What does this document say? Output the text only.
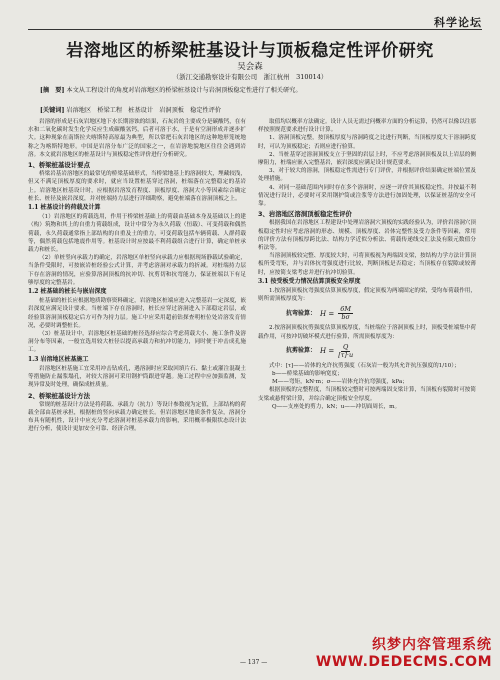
科学论坛
岩溶地区的桥梁桩基设计与顶板稳定性评价研究
吴会森
（浙江交通勘察设计有限公司　浙江杭州　310014）
[摘　要] 本文从工程设计的角度对岩溶地区的桥梁桩基设计与岩洞顶板稳定性进行了相关研究。
[关键词] 岩溶地区　桥梁工程　桩基设计　岩洞顶板　稳定性评价

岩溶的形成是石灰岩地区地下水长期溶蚀的结果，石灰岩的主要成分是碳酸钙，在有水和二氧化碳时发生化学反应生成碳酸氢钙，后者可溶于水，于是有空洞形成并逐步扩大。这种现象在南斯拉夫喀斯特高原最为典型，所以常把石灰岩地区的这种地形笼统地称之为喀斯特地形。中国是岩溶分布广泛的国家之一，在岩溶地貌地区往往会遇到岩溶。本文就岩溶地区的桩基设计与顶板稳定性评价进行分析研究。

1、桥梁桩基设计要点

桥梁岩基岩溶地区的最常见的桥梁基础形式，当桥梁地基上的溶洞较大，埋藏较浅，但又不满足顶板厚度的要求时，就应当设置桩基穿过溶洞，桩端落在完整稳定的基岩上。岩溶地区桩基设计时，应根据岩溶发育程度、顶板厚度、溶洞大小等因素综合确定桩长、桩径及嵌岩深度，并对桩端持力层进行详细勘察，避免桩端落在溶洞顶板之上。

1.1 桩基设计的荷载及计算

（1）岩溶地区的荷载选用，作用于桥梁桩基础上的荷载由基础本身及基础以上的建（构）筑物和其上的自重力荷载组成，设计中常分为永久荷载（恒载）、可变荷载和偶然荷载，永久荷载通常指上部结构的自重及土的重力，可变荷载包括车辆荷载、人群荷载等，偶然荷载包括地震作用等。桩基设计时应按最不利荷载组合进行计算，确定单桩承载力和桩长。

（2）单桩竖向承载力的确定，岩溶地区单桩竖向承载力应根据现场静载试验确定，当条件受限时，可按嵌岩桩经验公式计算，并考虑溶洞对承载力的折减。对桩端持力层下存在溶洞的情况，应验算溶洞顶板的抗冲切、抗剪切和抗弯能力，保证桩端以下有足够厚度的完整基岩。

1.2 桩基础的桩长与嵌岩深度

桩基础的桩长应根据地质勘察资料确定，岩溶地区桩端应进入完整基岩一定深度，嵌岩深度应满足设计要求。当桩端下存在溶洞时，桩长应穿过溶洞进入下部稳定岩层，或经验算溶洞顶板稳定后方可作为持力层。施工中应采用超前钻探查明桩位处岩溶发育情况，必要时调整桩长。

（3）桩基设计中，岩溶地区桩基础的桩径选择应综合考虑荷载大小、施工条件及溶洞分布等因素，一般宜选用较大桩径以提高承载力和抗冲切能力，同时便于冲击成孔施工。

1.3 岩溶地区桩基施工

岩溶地区桩基施工宜采用冲击钻成孔，遇溶洞时应采取回填片石、黏土或灌注混凝土等措施防止漏浆塌孔，对较大溶洞可采用钢护筒跟进穿越。施工过程中应加强监测，发现异常及时处理，确保成桩质量。

2、桥梁桩基设计方法

常规的桩基设计方法是将荷载、承载力（抗力）等设计参数视为定值，上部结构的荷载全部由基桩承担，根据桩的竖向承载力确定桩长。但岩溶地区地质条件复杂，溶洞分布具有随机性，设计中应充分考虑溶洞对桩基承载力的影响，采用概率极限状态设计法进行分析，使设计更加安全可靠、经济合理。

取值均以概率方法确定。设计人员无需过问概率方面的分析运算，仍然可以像以往那样按照规范要求进行设计计算。

1、溶洞顶板完整，按顶板厚度与溶洞跨度之比进行判断，当顶板厚度大于溶洞跨度时，可认为顶板稳定；否则应进行验算。

2、当桩基穿过溶洞顶板支立于坚固的岩层上时，不应考虑溶洞顶板及以上岩层的侧摩阻力，桩端应嵌入完整基岩，嵌岩深度应满足设计规范要求。

3、对于较大的溶洞，顶板稳定性需进行专门评价，并根据评价结果确定桩端位置及处理措施。

4、对同一基础范围内同时存在多个溶洞时，应逐一评价其顶板稳定性，并按最不利情况进行设计，必要时可采用钢护筒或注浆等方法进行加固处理，以保证桩基的安全可靠。

3、岩溶地区溶洞顶板稳定性评价

根据我国在岩溶地区工程建设中处理岩溶洞穴顶板的实践经验认为，评价岩溶洞穴顶板稳定性时应考虑溶洞的形态、规模、顶板厚度、岩体完整性及受力条件等因素，常用的评价方法有顶板厚跨比法、结构力学近似分析法、荷载传递线交汇法及有限元数值分析法等。

当溶洞顶板较完整、厚度较大时，可将顶板视为两端固支梁，按结构力学方法计算顶板所受弯矩，并与岩体抗弯强度进行比较，判断顶板是否稳定；当顶板存在裂隙或较薄时，应按简支梁考虑并进行抗冲切验算。

3.1 按受板受力情况估算顶板安全厚度

1.按溶洞顶板抗弯强度估算顶板厚度，假定顶板为两端固定的梁，受均布荷载作用，则所需顶板厚度为：

抗弯验算： $H = \frac{6M}{b\sigma}$

2.按溶洞顶板抗剪强度估算顶板厚度，当桩端位于溶洞顶板上时，顶板受桩端集中荷载作用，可按冲切破坏模式进行验算，所需顶板厚度为：

抗剪验算： $H = \frac{Q}{[\tau]\cdot u}$

式中：[τ]——岩体的允许抗剪强度（石灰岩一般为其允许抗压强度的1/10）；

b——桥梁基础的影响宽度；
M——弯矩，kN·m；σ——岩体允许抗弯强度，kPa；

根据顶板的完整程度，当顶板较完整时可按两端固支梁计算，当顶板有裂隙时可按简支梁或悬臂梁计算，并综合确定顶板安全厚度。

Q——支座处的剪力，kN；u——冲切面周长，m。
— 137 —
织梦内容管理系统
WWW.DEDECMS.COM
